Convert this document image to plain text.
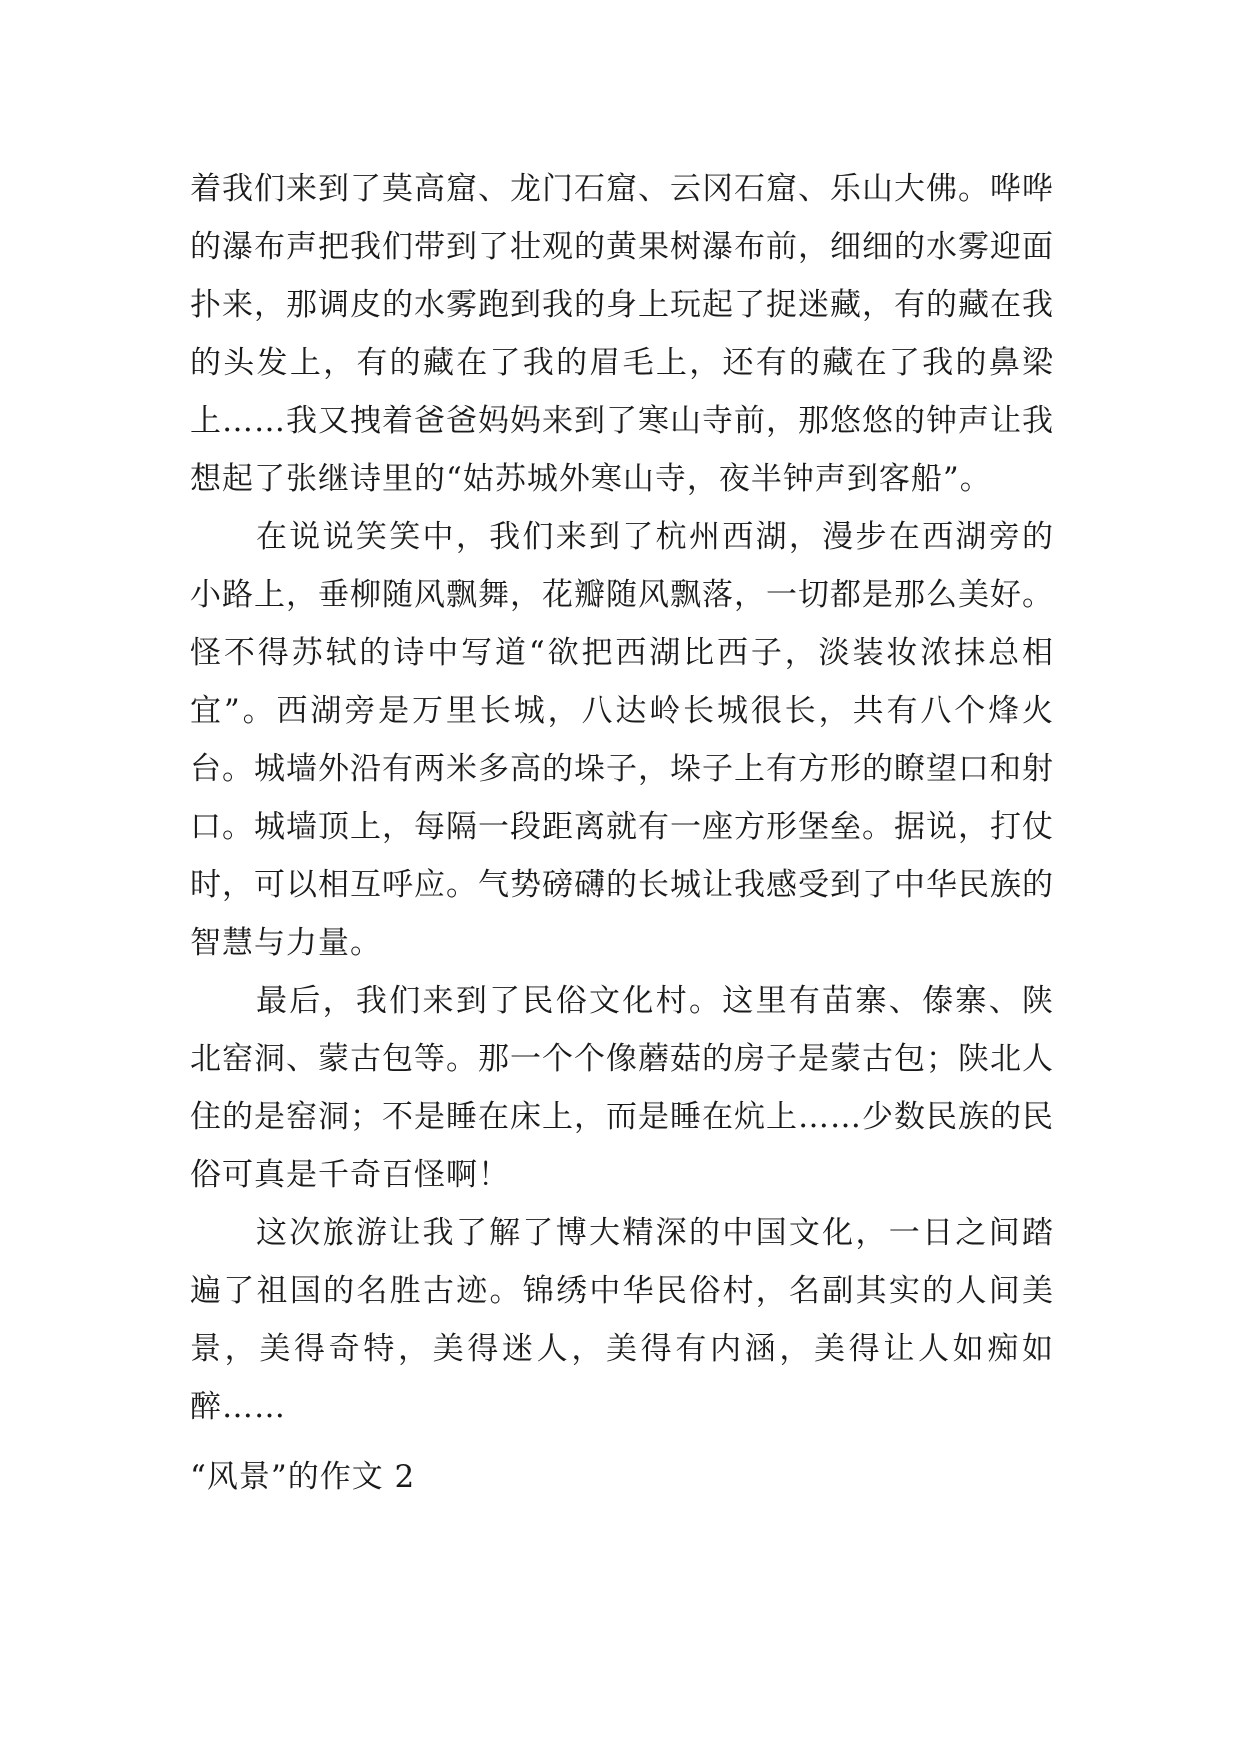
着我们来到了莫高窟、龙门石窟、云冈石窟、乐山大佛。哗哗的瀑布声把我们带到了壮观的黄果树瀑布前，细细的水雾迎面扑来，那调皮的水雾跑到我的身上玩起了捉迷藏，有的藏在我的头发上，有的藏在了我的眉毛上，还有的藏在了我的鼻梁上……我又拽着爸爸妈妈来到了寒山寺前，那悠悠的钟声让我想起了张继诗里的“姑苏城外寒山寺，夜半钟声到客船”。

在说说笑笑中，我们来到了杭州西湖，漫步在西湖旁的小路上，垂柳随风飘舞，花瓣随风飘落，一切都是那么美好。怪不得苏轼的诗中写道“欲把西湖比西子，淡装妆浓抹总相宜”。西湖旁是万里长城，八达岭长城很长，共有八个烽火台。城墙外沿有两米多高的垛子，垛子上有方形的瞭望口和射口。城墙顶上，每隔一段距离就有一座方形堡垒。据说，打仗时，可以相互呼应。气势磅礴的长城让我感受到了中华民族的智慧与力量。

最后，我们来到了民俗文化村。这里有苗寨、傣寨、陕北窑洞、蒙古包等。那一个个像蘑菇的房子是蒙古包；陕北人住的是窑洞；不是睡在床上，而是睡在炕上……少数民族的民俗可真是千奇百怪啊！

这次旅游让我了解了博大精深的中国文化，一日之间踏遍了祖国的名胜古迹。锦绣中华民俗村，名副其实的人间美景，美得奇特，美得迷人，美得有内涵，美得让人如痴如醉……

“风景”的作文 2
